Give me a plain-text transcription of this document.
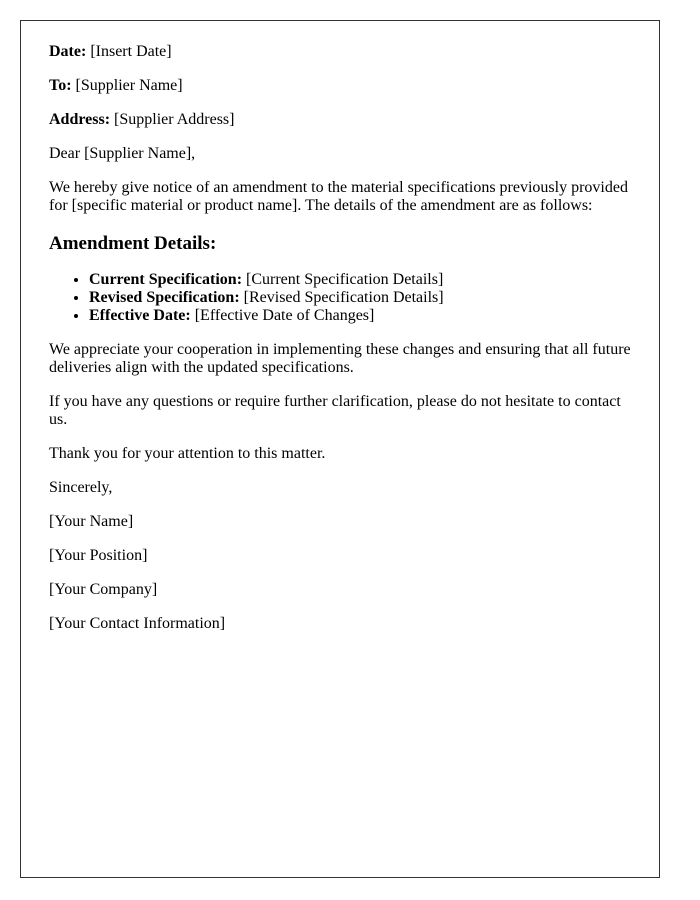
Date: [Insert Date]

To: [Supplier Name]

Address: [Supplier Address]

Dear [Supplier Name],

We hereby give notice of an amendment to the material specifications previously provided for [specific material or product name]. The details of the amendment are as follows:

Amendment Details:
• Current Specification: [Current Specification Details]
• Revised Specification: [Revised Specification Details]
• Effective Date: [Effective Date of Changes]

We appreciate your cooperation in implementing these changes and ensuring that all future deliveries align with the updated specifications.

If you have any questions or require further clarification, please do not hesitate to contact us.

Thank you for your attention to this matter.

Sincerely,

[Your Name]

[Your Position]

[Your Company]

[Your Contact Information]
